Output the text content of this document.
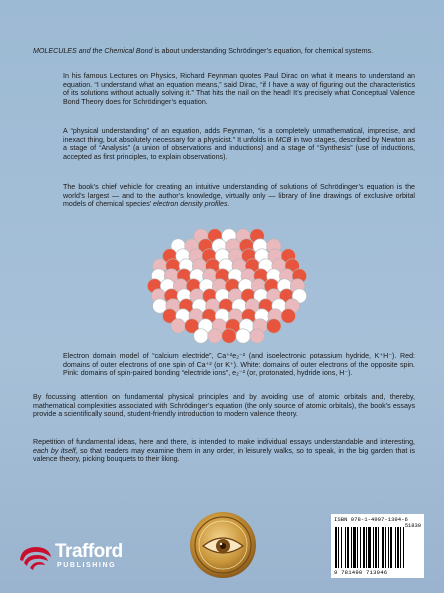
MOLECULES and the Chemical Bond is about understanding Schrödinger’s equation, for chemical systems.

In his famous Lectures on Physics, Richard Feynman quotes Paul Dirac on what it means to understand an equation. “I understand what an equation means,” said Dirac, “if I have a way of figuring out the characteristics of its solutions without actually solving it.” That hits the nail on the head! It’s precisely what Conceptual Valence Bond Theory does for Schrödinger’s equation.

A “physical understanding” of an equation, adds Feynman, “is a completely unmathematical, imprecise, and inexact thing, but absolutely necessary for a physicist.” It unfolds in MCB in two stages, described by Newton as a stage of “Analysis” (a union of observations and inductions) and a stage of “Synthesis” (use of inductions, accepted as first principles, to explain observations).

The book’s chief vehicle for creating an intuitive understanding of solutions of Schrödinger’s equation is the world’s largest — and to the author’s knowledge, virtually only — library of line drawings of exclusive orbital models of chemical species’ electron density profiles.

Electron domain model of “calcium electride”, Ca⁺²e₂⁻² (and isoelectronic potassium hydride, K⁺H⁻). Red: domains of outer electrons of one spin of Ca⁺² (or K⁺). White: domains of outer electrons of the opposite spin. Pink: domains of spin-paired bonding “electride ions”, e₂⁻² (or, protonated, hydride ions, H⁻).

By focussing attention on fundamental physical principles and by avoiding use of atomic orbitals and, thereby, mathematical complexities associated with Schrödinger’s equation (the only source of atomic orbitals), the book’s essays provide a scientifically sound, student-friendly introduction to modern valence theory.

Repetition of fundamental ideas, here and there, is intended to make individual essays understandable and interesting, each by itself, so that readers may examine them in any order, in leisurely walks, so to speak, in the big garden that is valence theory, picking bouquets to their liking.

Trafford
PUBLISHING
ISBN 978-1-4907-1394-6
51830
9 781490 713946
